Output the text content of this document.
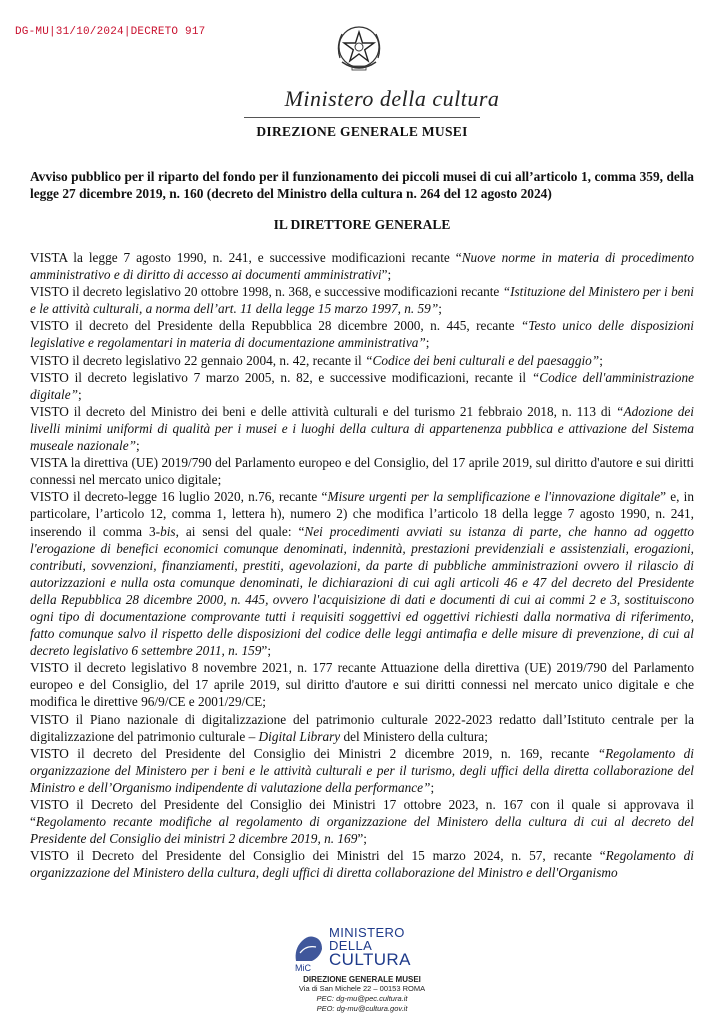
DG-MU|31/10/2024|DECRETO 917
Ministero della cultura
DIREZIONE GENERALE MUSEI
Avviso pubblico per il riparto del fondo per il funzionamento dei piccoli musei di cui all’articolo 1, comma 359, della legge 27 dicembre 2019, n. 160 (decreto del Ministro della cultura n. 264 del 12 agosto 2024)
IL DIRETTORE GENERALE

VISTA la legge 7 agosto 1990, n. 241, e successive modificazioni recante “Nuove norme in materia di procedimento amministrativo e di diritto di accesso ai documenti amministrativi”;

VISTO il decreto legislativo 20 ottobre 1998, n. 368, e successive modificazioni recante “Istituzione del Ministero per i beni e le attività culturali, a norma dell’art. 11 della legge 15 marzo 1997, n. 59”;

VISTO il decreto del Presidente della Repubblica 28 dicembre 2000, n. 445, recante “Testo unico delle disposizioni legislative e regolamentari in materia di documentazione amministrativa”;

VISTO il decreto legislativo 22 gennaio 2004, n. 42, recante il “Codice dei beni culturali e del paesaggio”;

VISTO il decreto legislativo 7 marzo 2005, n. 82, e successive modificazioni, recante il “Codice dell'amministrazione digitale”;

VISTO il decreto del Ministro dei beni e delle attività culturali e del turismo 21 febbraio 2018, n. 113 di “Adozione dei livelli minimi uniformi di qualità per i musei e i luoghi della cultura di appartenenza pubblica e attivazione del Sistema museale nazionale”;

VISTA la direttiva (UE) 2019/790 del Parlamento europeo e del Consiglio, del 17 aprile 2019, sul diritto d'autore e sui diritti connessi nel mercato unico digitale;

VISTO il decreto-legge 16 luglio 2020, n.76, recante “Misure urgenti per la semplificazione e l'innovazione digitale” e, in particolare, l’articolo 12, comma 1, lettera h), numero 2) che modifica l’articolo 18 della legge 7 agosto 1990, n. 241, inserendo il comma 3-bis, ai sensi del quale: “Nei procedimenti avviati su istanza di parte, che hanno ad oggetto l'erogazione di benefici economici comunque denominati, indennità, prestazioni previdenziali e assistenziali, erogazioni, contributi, sovvenzioni, finanziamenti, prestiti, agevolazioni, da parte di pubbliche amministrazioni ovvero il rilascio di autorizzazioni e nulla osta comunque denominati, le dichiarazioni di cui agli articoli 46 e 47 del decreto del Presidente della Repubblica 28 dicembre 2000, n. 445, ovvero l'acquisizione di dati e documenti di cui ai commi 2 e 3, sostituiscono ogni tipo di documentazione comprovante tutti i requisiti soggettivi ed oggettivi richiesti dalla normativa di riferimento, fatto comunque salvo il rispetto delle disposizioni del codice delle leggi antimafia e delle misure di prevenzione, di cui al decreto legislativo 6 settembre 2011, n. 159”;

VISTO il decreto legislativo 8 novembre 2021, n. 177 recante Attuazione della direttiva (UE) 2019/790 del Parlamento europeo e del Consiglio, del 17 aprile 2019, sul diritto d'autore e sui diritti connessi nel mercato unico digitale e che modifica le direttive 96/9/CE e 2001/29/CE;

VISTO il Piano nazionale di digitalizzazione del patrimonio culturale 2022-2023 redatto dall’Istituto centrale per la digitalizzazione del patrimonio culturale – Digital Library del Ministero della cultura;

VISTO il decreto del Presidente del Consiglio dei Ministri 2 dicembre 2019, n. 169, recante “Regolamento di organizzazione del Ministero per i beni e le attività culturali e per il turismo, degli uffici della diretta collaborazione del Ministro e dell’Organismo indipendente di valutazione della performance”;

VISTO il Decreto del Presidente del Consiglio dei Ministri 17 ottobre 2023, n. 167 con il quale si approvava il “Regolamento recante modifiche al regolamento di organizzazione del Ministero della cultura di cui al decreto del Presidente del Consiglio dei ministri 2 dicembre 2019, n. 169”;

VISTO il Decreto del Presidente del Consiglio dei Ministri del 15 marzo 2024, n. 57, recante “Regolamento di organizzazione del Ministero della cultura, degli uffici di diretta collaborazione del Ministro e dell'Organismo

MiC
MINISTERO
DELLA
CULTURA
DIREZIONE GENERALE MUSEI
Via di San Michele 22 – 00153 ROMA
PEC: dg-mu@pec.cultura.it
PEO: dg-mu@cultura.gov.it
